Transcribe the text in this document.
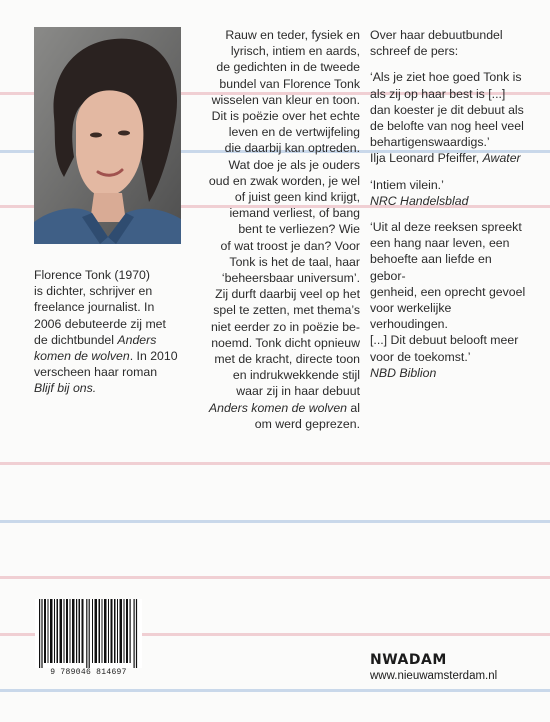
Florence Tonk (1970)

is dichter, schrijver en

freelance journalist. In

2006 debuteerde zij met

de dichtbundel Anders

komen de wolven. In 2010

verscheen haar roman

Blijf bij ons.

Rauw en teder, fysiek en

lyrisch, intiem en aards,

de gedichten in de tweede

bundel van Florence Tonk

wisselen van kleur en toon.

Dit is poëzie over het echte

leven en de vertwijfeling

die daarbij kan optreden.

Wat doe je als je ouders

oud en zwak worden, je wel

of juist geen kind krijgt,

iemand verliest, of bang

bent te verliezen? Wie

of wat troost je dan? Voor

Tonk is het de taal, haar

‘beheersbaar universum’.

Zij durft daarbij veel op het

spel te zetten, met thema’s

niet eerder zo in poëzie be-

noemd. Tonk dicht opnieuw

met de kracht, directe toon

en indrukwekkende stijl

waar zij in haar debuut

Anders komen de wolven al

om werd geprezen.

Over haar debuutbundel

schreef de pers:

‘Als je ziet hoe goed Tonk is

als zij op haar best is [...]

dan koester je dit debuut als

de belofte van nog heel veel

behartigenswaardigs.’

Ilja Leonard Pfeiffer, Awater

‘Intiem vilein.’

NRC Handelsblad

‘Uit al deze reeksen spreekt

een hang naar leven, een

behoefte aan liefde en gebor-

genheid, een oprecht gevoel

voor werkelijke verhoudingen.

[...] Dit debuut belooft meer

voor de toekomst.’

NBD Biblion

9 789046 814697
NWADAM
www.nieuwamsterdam.nl
